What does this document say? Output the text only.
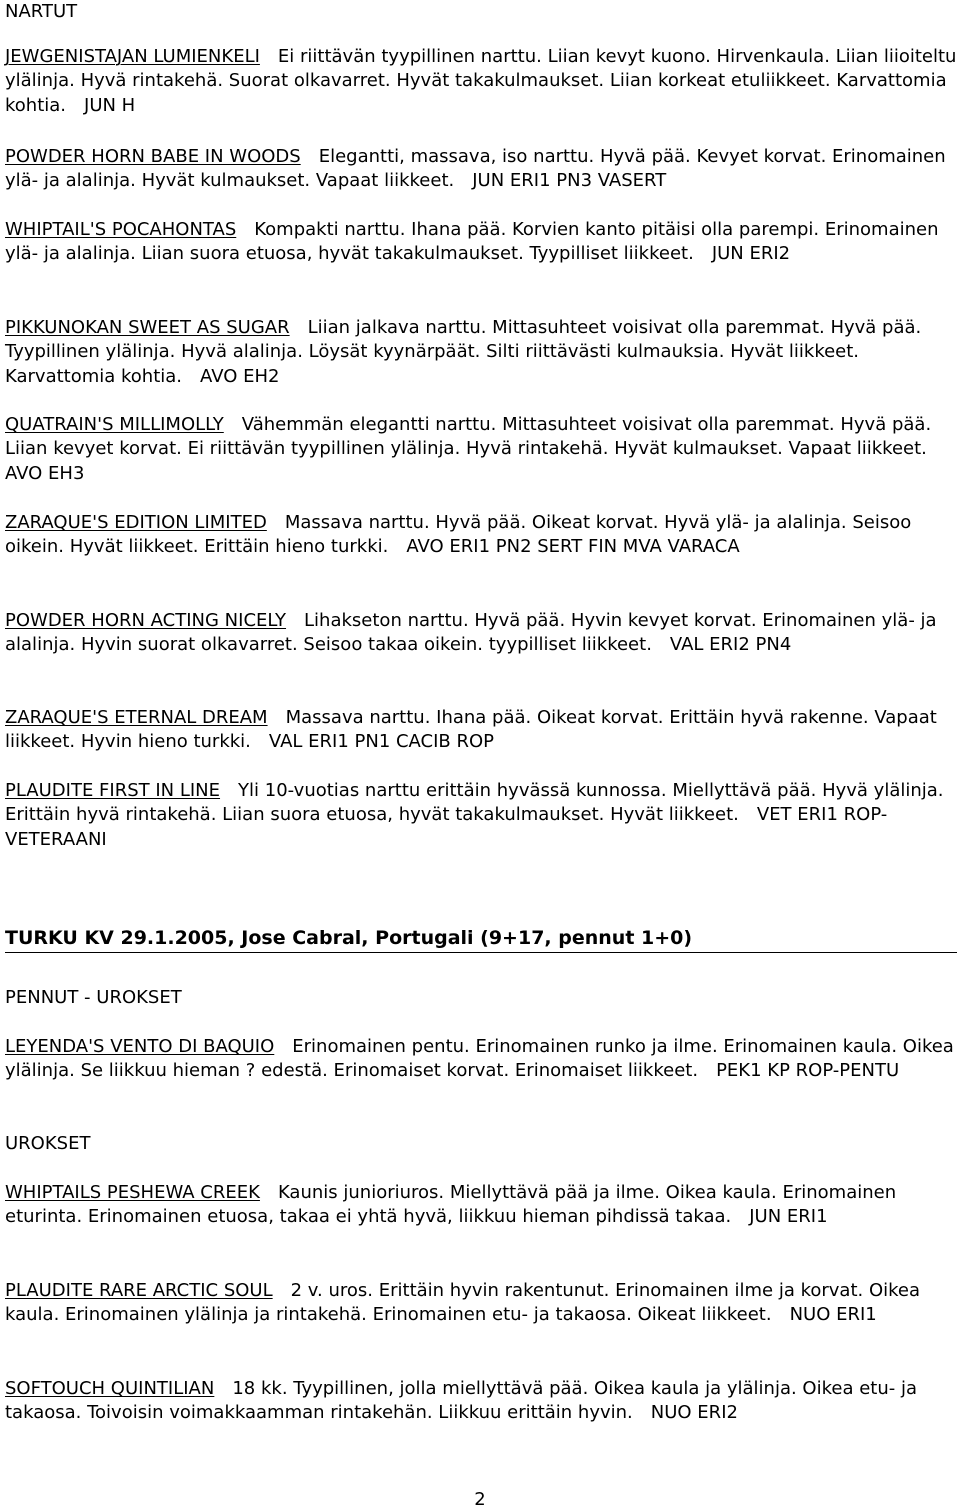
NARTUT

JEWGENISTAJAN LUMIENKELI Ei riittävän tyypillinen narttu. Liian kevyt kuono. Hirvenkaula. Liian liioiteltu ylälinja. Hyvä rintakehä. Suorat olkavarret. Hyvät takakulmaukset. Liian korkeat etuliikkeet. Karvattomia kohtia. JUN H

POWDER HORN BABE IN WOODS Elegantti, massava, iso narttu. Hyvä pää. Kevyet korvat. Erinomainen ylä- ja alalinja. Hyvät kulmaukset. Vapaat liikkeet. JUN ERI1 PN3 VASERT

WHIPTAIL'S POCAHONTAS Kompakti narttu. Ihana pää. Korvien kanto pitäisi olla parempi. Erinomainen ylä- ja alalinja. Liian suora etuosa, hyvät takakulmaukset. Tyypilliset liikkeet. JUN ERI2

PIKKUNOKAN SWEET AS SUGAR Liian jalkava narttu. Mittasuhteet voisivat olla paremmat. Hyvä pää. Tyypillinen ylälinja. Hyvä alalinja. Löysät kyynärpäät. Silti riittävästi kulmauksia. Hyvät liikkeet. Karvattomia kohtia. AVO EH2

QUATRAIN'S MILLIMOLLY Vähemmän elegantti narttu. Mittasuhteet voisivat olla paremmat. Hyvä pää. Liian kevyet korvat. Ei riittävän tyypillinen ylälinja. Hyvä rintakehä. Hyvät kulmaukset. Vapaat liikkeet.AVO EH3

ZARAQUE'S EDITION LIMITED Massava narttu. Hyvä pää. Oikeat korvat. Hyvä ylä- ja alalinja. Seisoo oikein. Hyvät liikkeet. Erittäin hieno turkki. AVO ERI1 PN2 SERT FIN MVA VARACA

POWDER HORN ACTING NICELY Lihakseton narttu. Hyvä pää. Hyvin kevyet korvat. Erinomainen ylä- ja alalinja. Hyvin suorat olkavarret. Seisoo takaa oikein. tyypilliset liikkeet. VAL ERI2 PN4

ZARAQUE'S ETERNAL DREAM Massava narttu. Ihana pää. Oikeat korvat. Erittäin hyvä rakenne. Vapaat liikkeet. Hyvin hieno turkki. VAL ERI1 PN1 CACIB ROP

PLAUDITE FIRST IN LINE Yli 10-vuotias narttu erittäin hyvässä kunnossa. Miellyttävä pää. Hyvä ylälinja. Erittäin hyvä rintakehä. Liian suora etuosa, hyvät takakulmaukset. Hyvät liikkeet. VET ERI1 ROP-VETERAANI

TURKU KV 29.1.2005, Jose Cabral, Portugali (9+17, pennut 1+0)

PENNUT - UROKSET

LEYENDA'S VENTO DI BAQUIO Erinomainen pentu. Erinomainen runko ja ilme. Erinomainen kaula. Oikea ylälinja. Se liikkuu hieman ? edestä. Erinomaiset korvat. Erinomaiset liikkeet. PEK1 KP ROP-PENTU

UROKSET

WHIPTAILS PESHEWA CREEK Kaunis junioriuros. Miellyttävä pää ja ilme. Oikea kaula. Erinomainen eturinta. Erinomainen etuosa, takaa ei yhtä hyvä, liikkuu hieman pihdissä takaa. JUN ERI1

PLAUDITE RARE ARCTIC SOUL 2 v. uros. Erittäin hyvin rakentunut. Erinomainen ilme ja korvat. Oikea kaula. Erinomainen ylälinja ja rintakehä. Erinomainen etu- ja takaosa. Oikeat liikkeet. NUO ERI1

SOFTOUCH QUINTILIAN 18 kk. Tyypillinen, jolla miellyttävä pää. Oikea kaula ja ylälinja. Oikea etu- ja takaosa. Toivoisin voimakkaamman rintakehän. Liikkuu erittäin hyvin. NUO ERI2

2
